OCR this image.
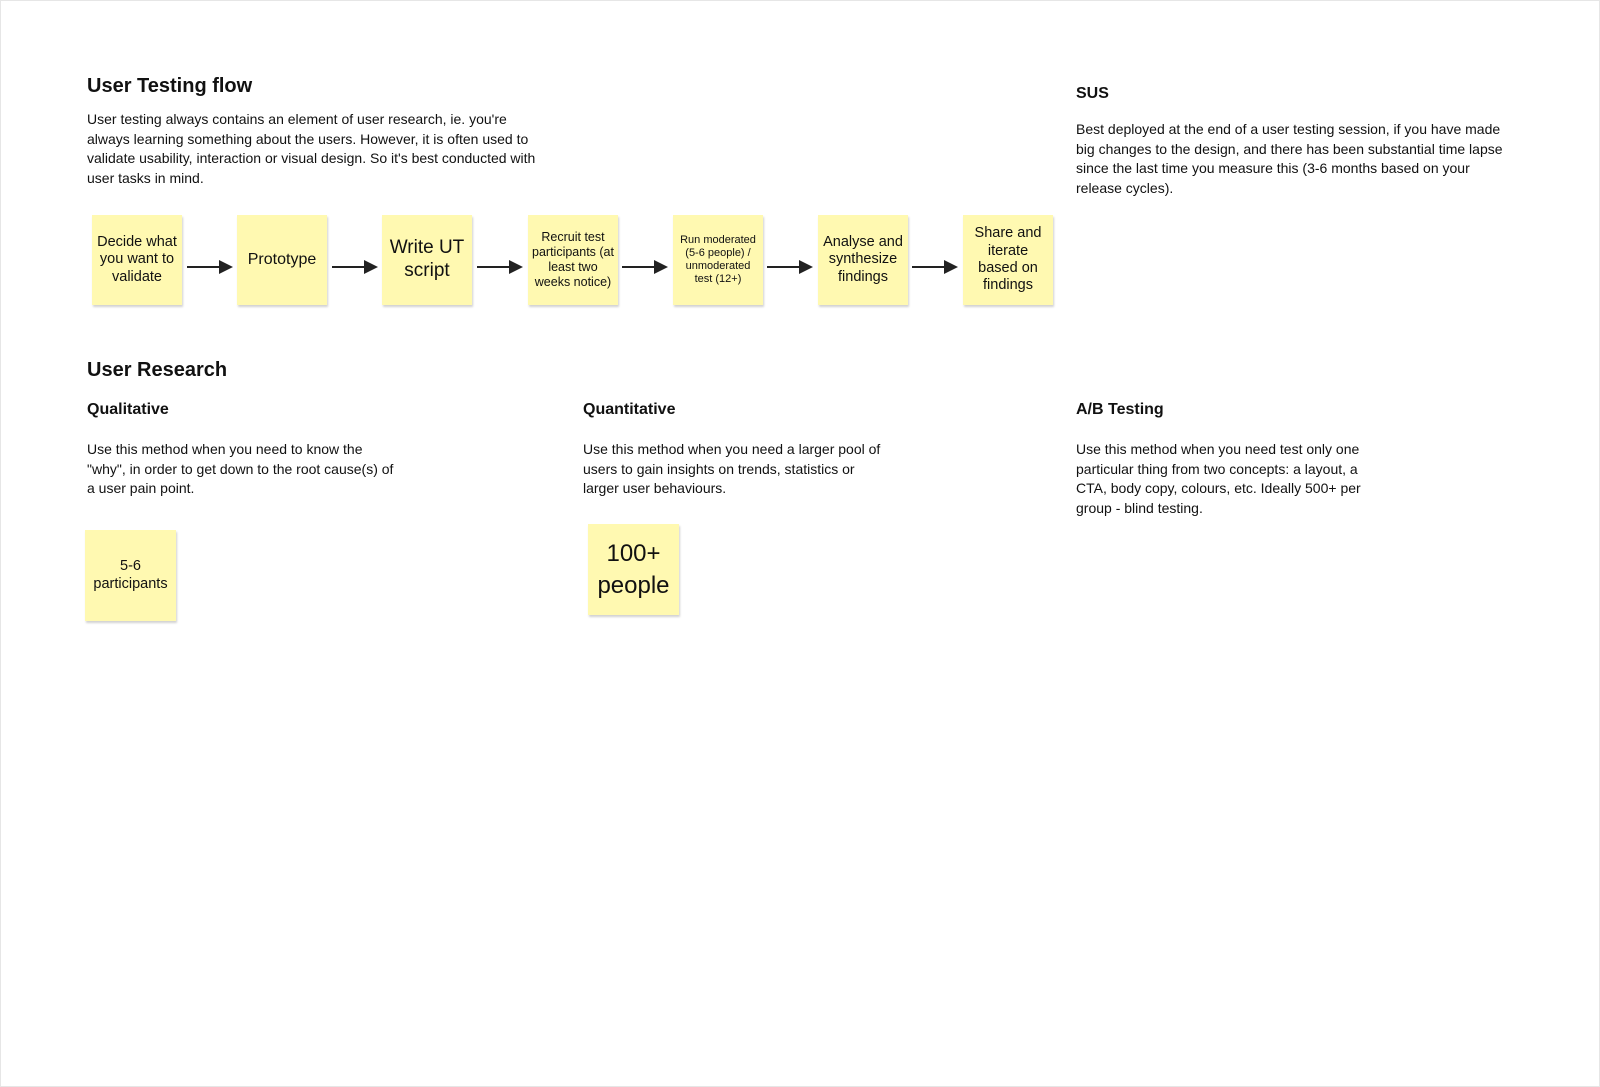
User Testing flow

User testing always contains an element of user research, ie. you're always learning something about the users. However, it is often used to validate usability, interaction or visual design. So it's best conducted with user tasks in mind.

Decide what you want to validate
Prototype
Write UT script
Recruit test participants (at least two weeks notice)
Run moderated (5-6 people) / unmoderated test (12+)
Analyse and synthesize findings
Share and iterate based on findings
SUS

Best deployed at the end of a user testing session, if you have made big changes to the design, and there has been substantial time lapse since the last time you measure this (3-6 months based on your release cycles).

User Research
Qualitative

Use this method when you need to know the "why", in order to get down to the root cause(s) of a user pain point.

5-6 participants
Quantitative

Use this method when you need a larger pool of users to gain insights on trends, statistics or larger user behaviours.

100+ people
A/B Testing

Use this method when you need test only one particular thing from two concepts: a layout, a CTA, body copy, colours, etc. Ideally 500+ per group - blind testing.
